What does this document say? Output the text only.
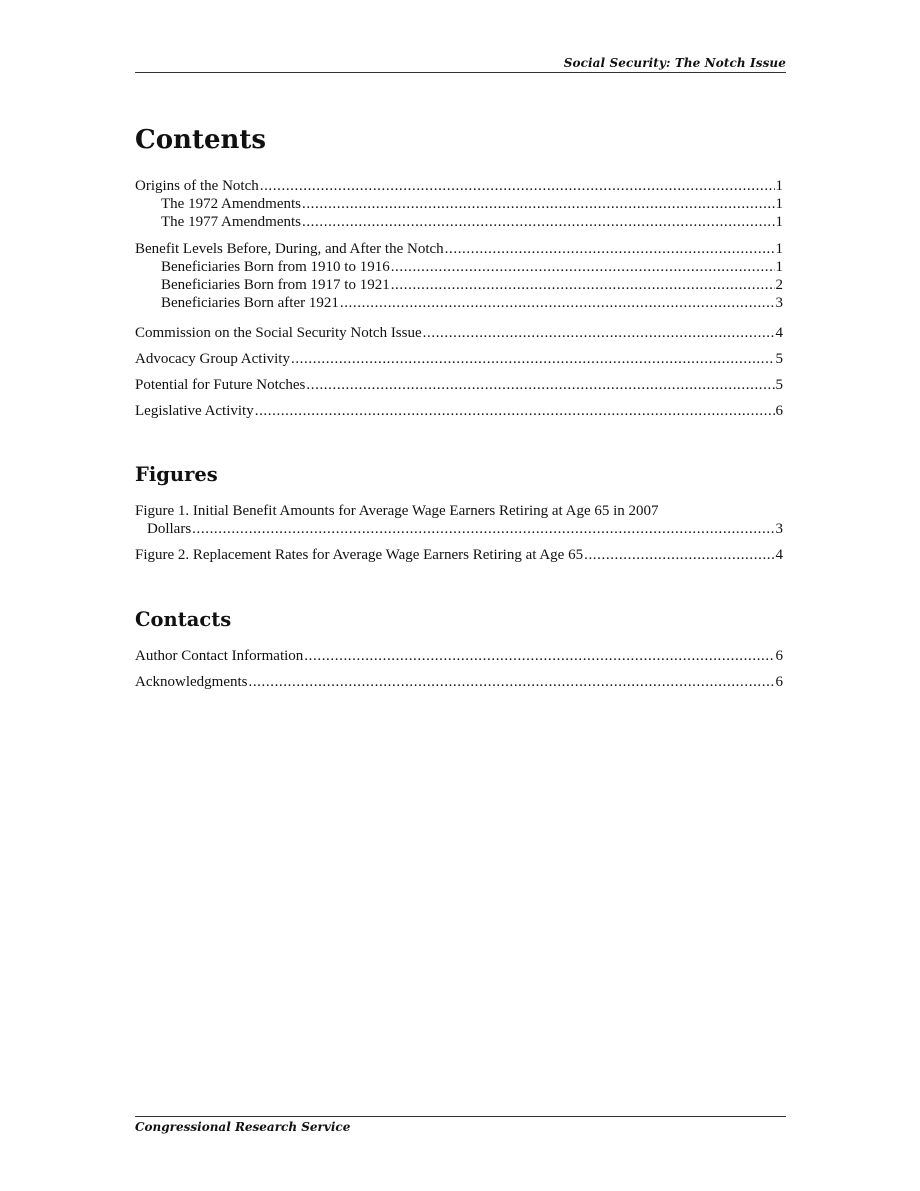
Social Security: The Notch Issue
Contents
Origins of the Notch .....	1
The 1972 Amendments .....	1
The 1977 Amendments .....	1
Benefit Levels Before, During, and After the Notch .....	1
Beneficiaries Born from 1910 to 1916 .....	1
Beneficiaries Born from 1917 to 1921 .....	2
Beneficiaries Born after 1921 .....	3
Commission on the Social Security Notch Issue .....	4
Advocacy Group Activity .....	5
Potential for Future Notches .....	5
Legislative Activity .....	6
Figures
Figure 1. Initial Benefit Amounts for Average Wage Earners Retiring at Age 65 in 2007
Dollars .....	3
Figure 2. Replacement Rates for Average Wage Earners Retiring at Age 65 .....	4
Contacts
Author Contact Information .....	6
Acknowledgments .....	6
Congressional Research Service
